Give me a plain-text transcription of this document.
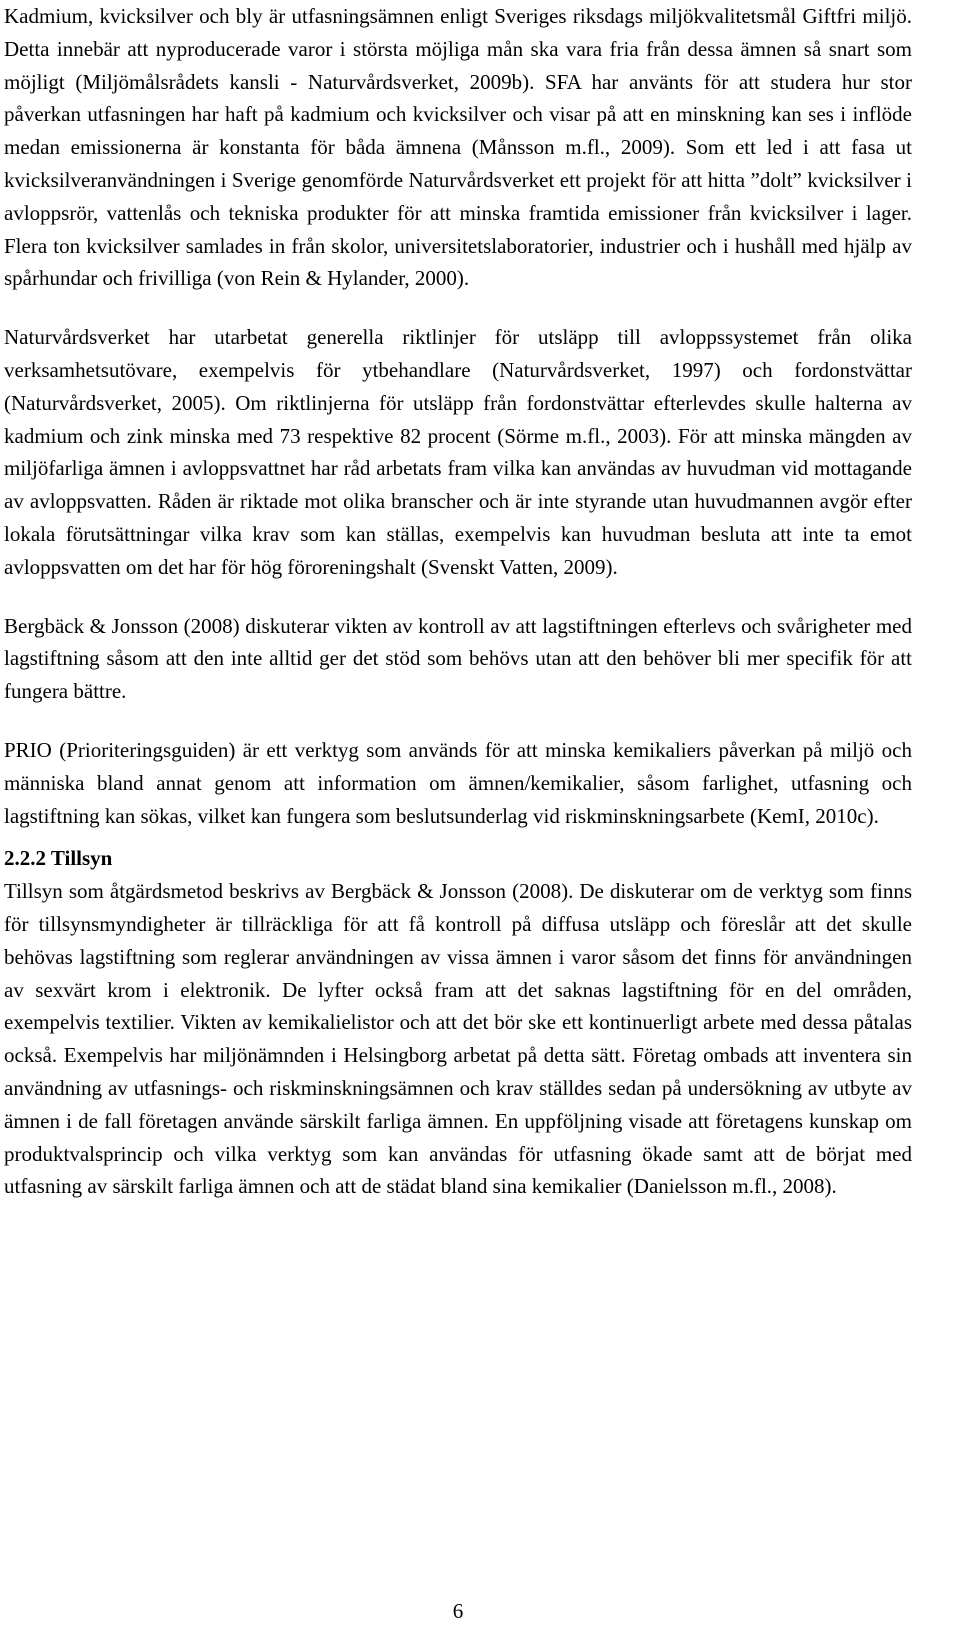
Kadmium, kvicksilver och bly är utfasningsämnen enligt Sveriges riksdags miljökvalitetsmål Giftfri miljö. Detta innebär att nyproducerade varor i största möjliga mån ska vara fria från dessa ämnen så snart som möjligt (Miljömålsrådets kansli - Naturvårdsverket, 2009b). SFA har använts för att studera hur stor påverkan utfasningen har haft på kadmium och kvicksilver och visar på att en minskning kan ses i inflöde medan emissionerna är konstanta för båda ämnena (Månsson m.fl., 2009). Som ett led i att fasa ut kvicksilveranvändningen i Sverige genomförde Naturvårdsverket ett projekt för att hitta ”dolt” kvicksilver i avloppsrör, vattenlås och tekniska produkter för att minska framtida emissioner från kvicksilver i lager. Flera ton kvicksilver samlades in från skolor, universitetslaboratorier, industrier och i hushåll med hjälp av spårhundar och frivilliga (von Rein & Hylander, 2000).

Naturvårdsverket har utarbetat generella riktlinjer för utsläpp till avloppssystemet från olika verksamhetsutövare, exempelvis för ytbehandlare (Naturvårdsverket, 1997) och fordonstvättar (Naturvårdsverket, 2005). Om riktlinjerna för utsläpp från fordonstvättar efterlevdes skulle halterna av kadmium och zink minska med 73 respektive 82 procent (Sörme m.fl., 2003). För att minska mängden av miljöfarliga ämnen i avloppsvattnet har råd arbetats fram vilka kan användas av huvudman vid mottagande av avloppsvatten. Råden är riktade mot olika branscher och är inte styrande utan huvudmannen avgör efter lokala förutsättningar vilka krav som kan ställas, exempelvis kan huvudman besluta att inte ta emot avloppsvatten om det har för hög föroreningshalt (Svenskt Vatten, 2009).

Bergbäck & Jonsson (2008) diskuterar vikten av kontroll av att lagstiftningen efterlevs och svårigheter med lagstiftning såsom att den inte alltid ger det stöd som behövs utan att den behöver bli mer specifik för att fungera bättre.

PRIO (Prioriteringsguiden) är ett verktyg som används för att minska kemikaliers påverkan på miljö och människa bland annat genom att information om ämnen/kemikalier, såsom farlighet, utfasning och lagstiftning kan sökas, vilket kan fungera som beslutsunderlag vid riskminskningsarbete (KemI, 2010c).

2.2.2 Tillsyn

Tillsyn som åtgärdsmetod beskrivs av Bergbäck & Jonsson (2008). De diskuterar om de verktyg som finns för tillsynsmyndigheter är tillräckliga för att få kontroll på diffusa utsläpp och föreslår att det skulle behövas lagstiftning som reglerar användningen av vissa ämnen i varor såsom det finns för användningen av sexvärt krom i elektronik. De lyfter också fram att det saknas lagstiftning för en del områden, exempelvis textilier. Vikten av kemikalielistor och att det bör ske ett kontinuerligt arbete med dessa påtalas också. Exempelvis har miljönämnden i Helsingborg arbetat på detta sätt. Företag ombads att inventera sin användning av utfasnings- och riskminskningsämnen och krav ställdes sedan på undersökning av utbyte av ämnen i de fall företagen använde särskilt farliga ämnen. En uppföljning visade att företagens kunskap om produktvalsprincip och vilka verktyg som kan användas för utfasning ökade samt att de börjat med utfasning av särskilt farliga ämnen och att de städat bland sina kemikalier (Danielsson m.fl., 2008).

6
